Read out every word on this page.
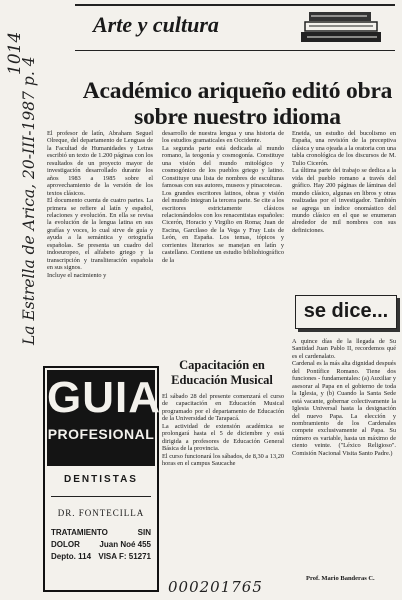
1014
La Estrella de Arica, 20-III-1987 p. 4
Arte y cultura
Académico ariqueño editó obra sobre nuestro idioma
El profesor de latín, Abraham Seguel Olreque, del departamento de Lenguas de la Facultad de Humanidades y Letras escribió un texto de 1.200 páginas con los resultados de un proyecto mayor de investigación desarrollado durante los años 1983 a 1985 sobre el aprovechamiento de la versión de los textos clásicos.
El documento cuenta de cuatro partes. La primera se refiere al latín y español, relaciones y evolución. En ella se revisa la evolución de la lengua latina en sus grafías y voces, lo cual sirve de guía y ayuda a la semántica y ortografía españolas. Se presenta un cuadro del indoeuropeo, el alfabeto griego y la transcripción y transliteración española en sus signos.
Incluye el nacimiento y
desarrollo de nuestra lengua y una historia de los estudios gramaticales en Occidente.
La segunda parte está dedicada al mundo romano, la teogonía y cosmogonía. Constituye una visión del mundo mitológico y cosmogónico de los pueblos griego y latino. Constituye una lista de nombres de esculturas famosas con sus autores, museos y pinacotecas.
Los grandes escritores latinos, obras y visión del mundo integran la tercera parte. Se cite a los escritores estrictamente clásicos relacionándolos con los renacentistas españoles: Cicerón, Horacio y Virgilio en Roma; Juan de Escina, Garcilaso de la Vega y Fray Luis de León, en España. Los temas, tópicos y corrientes literarios se manejan en latín y castellano. Contiene un estudio bibliohiográfico de la
Eneida, un estudio del bucolismo en España, una revisión de la preceptiva clásica y una ojeada a la oratoria con una tabla cronológica de los discursos de M. Tulio Cicerón.
La última parte del trabajo se dedica a la vida del pueblo romano a través del gráfico. Hay 200 páginas de láminas del mundo clásico, algunas en libros y otras realizadas por el investigador. También se agrega un índice onomástico del mundo clásico en el que se enumeran alrededor de mil nombres con sus definiciones.
Capacitación en Educación Musical
El sábado 28 del presente comenzará el curso de capacitación en Educación Musical programado por el departamento de Educación de la Universidad de Tarapacá.
La actividad de extensión académica se prolongará hasta el 5 de diciembre y está dirigida a profesores de Educación General Básica de la provincia.
El curso funcionará los sábados, de 8,30 a 13,20 horas en el campus Saucache
se dice...
A quince días de la llegada de Su Santidad Juan Pablo II, recordemos qué es el cardenalato.
Cardenal es la más alta dignidad después del Pontífice Romano. Tiene dos funciones - fundamentales: (a) Auxiliar y asesorar al Papa en el gobierno de toda la Iglesia, y (b) Cuando la Santa Sede está vacante, gobernar colectivamente la Iglesia Universal hasta la designación del nuevo Papa. La elección y nombramiento de los Cardenales compete exclusivamente al Papa. Su número es variable, hasta un máximo de ciento veinte. ("Léxico Religioso". Comisión Nacional Visita Santo Padre.)
Prof. Mario Banderas C.
GUIA
PROFESIONAL
DENTISTAS
DR. FONTECILLA
TRATAMIENTO	SIN
DOLOR Juan Noé 455
Depto. 114 VISA F: 51271
000201765
